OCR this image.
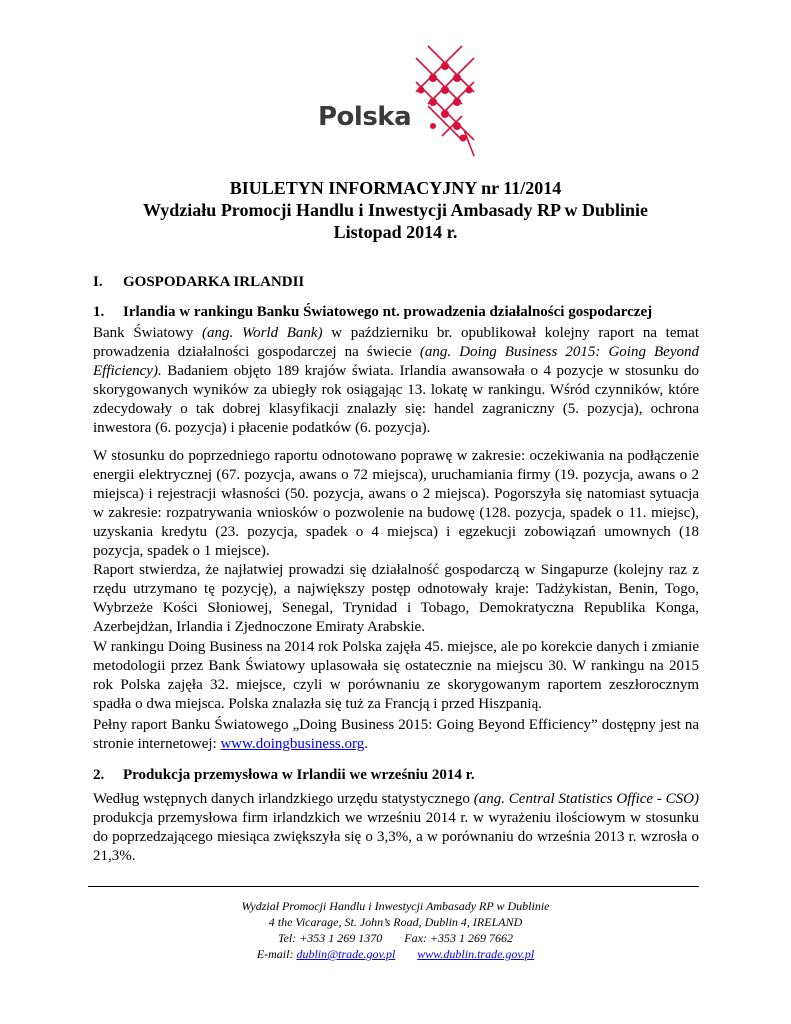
Polska
BIULETYN INFORMACYJNY nr 11/2014
Wydziału Promocji Handlu i Inwestycji Ambasady RP w Dublinie
Listopad 2014 r.
I. GOSPODARKA IRLANDII

1. Irlandia w rankingu Banku Światowego nt. prowadzenia działalności gospodarczej

Bank Światowy (ang. World Bank) w październiku br. opublikował kolejny raport na temat prowadzenia działalności gospodarczej na świecie (ang. Doing Business 2015: Going Beyond Efficiency). Badaniem objęto 189 krajów świata. Irlandia awansowała o 4 pozycje w stosunku do skorygowanych wyników za ubiegły rok osiągając 13. lokatę w rankingu. Wśród czynników, które zdecydowały o tak dobrej klasyfikacji znalazły się: handel zagraniczny (5. pozycja), ochrona inwestora (6. pozycja) i płacenie podatków (6. pozycja).

W stosunku do poprzedniego raportu odnotowano poprawę w zakresie: oczekiwania na podłączenie energii elektrycznej (67. pozycja, awans o 72 miejsca), uruchamiania firmy (19. pozycja, awans o 2 miejsca) i rejestracji własności (50. pozycja, awans o 2 miejsca). Pogorszyła się natomiast sytuacja w zakresie: rozpatrywania wniosków o pozwolenie na budowę (128. pozycja, spadek o 11. miejsc), uzyskania kredytu (23. pozycja, spadek o 4 miejsca) i egzekucji zobowiązań umownych (18 pozycja, spadek o 1 miejsce).

Raport stwierdza, że najłatwiej prowadzi się działalność gospodarczą w Singapurze (kolejny raz z rzędu utrzymano tę pozycję), a największy postęp odnotowały kraje: Tadżykistan, Benin, Togo, Wybrzeże Kości Słoniowej, Senegal, Trynidad i Tobago, Demokratyczna Republika Konga, Azerbejdżan, Irlandia i Zjednoczone Emiraty Arabskie.

W rankingu Doing Business na 2014 rok Polska zajęła 45. miejsce, ale po korekcie danych i zmianie metodologii przez Bank Światowy uplasowała się ostatecznie na miejscu 30. W rankingu na 2015 rok Polska zajęła 32. miejsce, czyli w porównaniu ze skorygowanym raportem zeszłorocznym spadła o dwa miejsca. Polska znalazła się tuż za Francją i przed Hiszpanią.

Pełny raport Banku Światowego „Doing Business 2015: Going Beyond Efficiency” dostępny jest na stronie internetowej: www.doingbusiness.org.

2. Produkcja przemysłowa w Irlandii we wrześniu 2014 r.

Według wstępnych danych irlandzkiego urzędu statystycznego (ang. Central Statistics Office - CSO) produkcja przemysłowa firm irlandzkich we wrześniu 2014 r. w wyrażeniu ilościowym w stosunku do poprzedzającego miesiąca zwiększyła się o 3,3%, a w porównaniu do września 2013 r. wzrosła o 21,3%.

Wydział Promocji Handlu i Inwestycji Ambasady RP w Dublinie
4 the Vicarage, St. John’s Road, Dublin 4, IRELAND
Tel: +353 1 269 1370 Fax: +353 1 269 7662
E-mail: dublin@trade.gov.pl www.dublin.trade.gov.pl
